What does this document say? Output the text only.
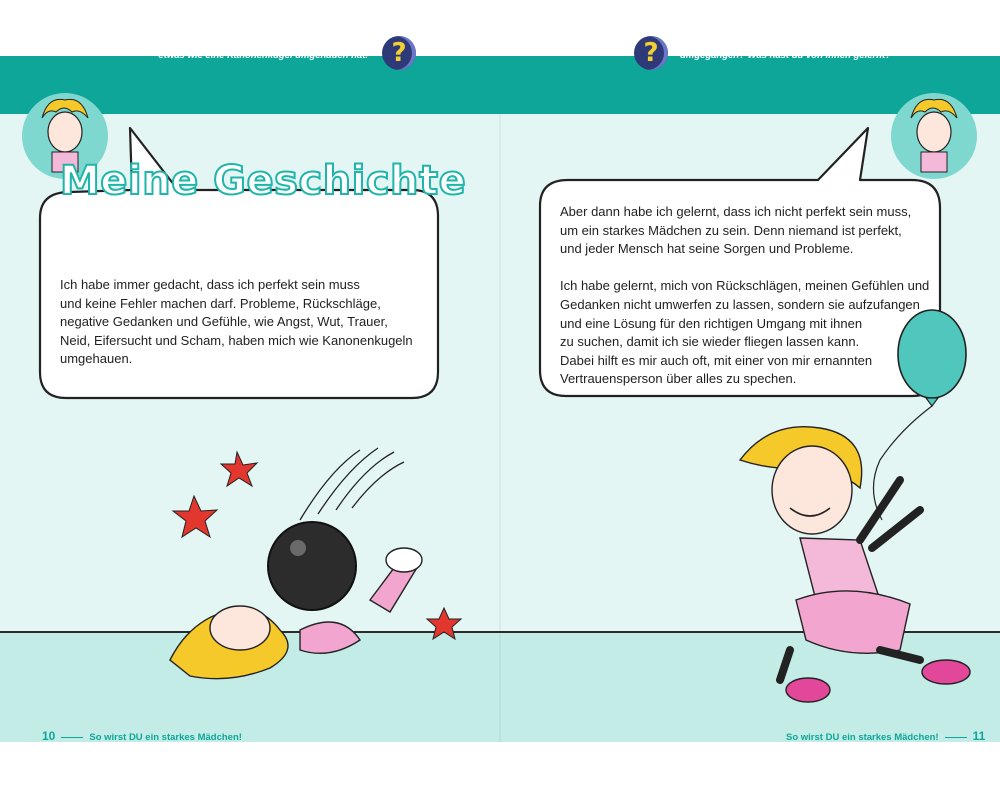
Überlege einmal, wann dich das letzte Mal
etwas wie eine Kanonenkugel umgehauen hat. ?	?	Wie bist du bisher mit deinen Rückschlägen
umgegangen? Was hast du von ihnen gelernt?
Meine Geschichte
Ich habe immer gedacht, dass ich perfekt sein muss
und keine Fehler machen darf. Probleme, Rückschläge,
negative Gedanken und Gefühle, wie Angst, Wut, Trauer,
Neid, Eifersucht und Scham, haben mich wie Kanonenkugeln
umgehauen.
Aber dann habe ich gelernt, dass ich nicht perfekt sein muss,
um ein starkes Mädchen zu sein. Denn niemand ist perfekt,
und jeder Mensch hat seine Sorgen und Probleme.
Ich habe gelernt, mich von Rückschlägen, meinen Gefühlen und
Gedanken nicht umwerfen zu lassen, sondern sie aufzufangen
und eine Lösung für den richtigen Umgang mit ihnen
zu suchen, damit ich sie wieder fliegen lassen kann.
Dabei hilft es mir auch oft, mit einer von mir ernannten
Vertrauensperson über alles zu spechen.
10	So wirst DU ein starkes Mädchen!	So wirst DU ein starkes Mädchen!	11
